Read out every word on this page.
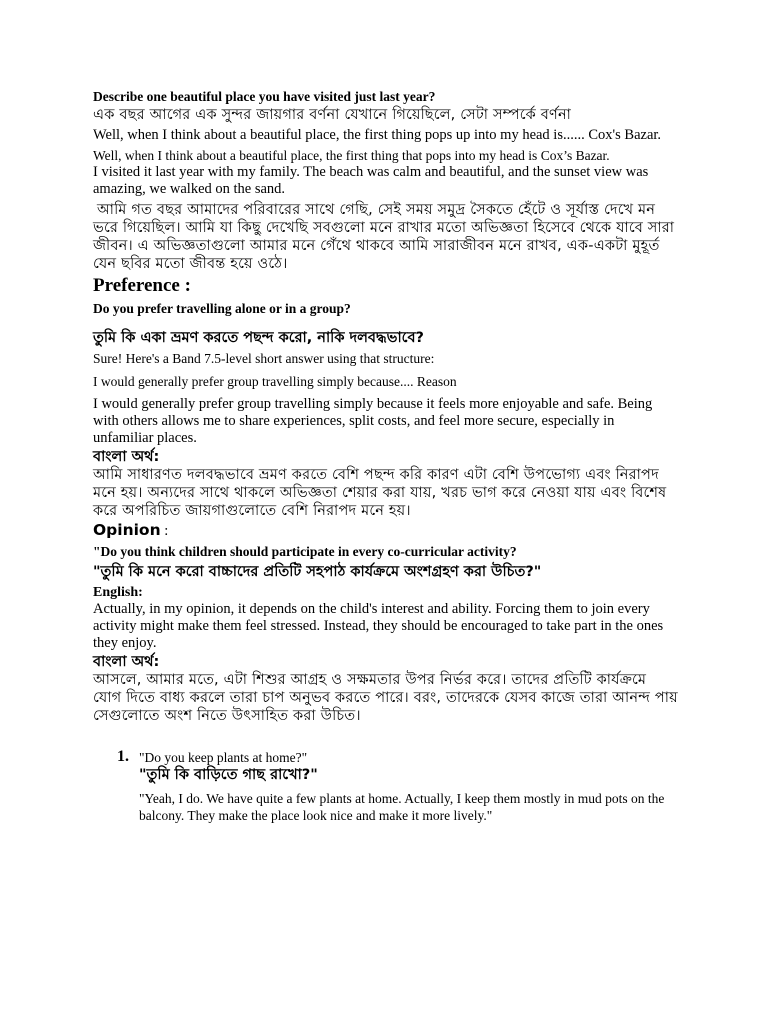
Describe one beautiful place you have visited just last year?

এক বছর আগের এক সুন্দর জায়গার বর্ণনা যেখানে গিয়েছিলে, সেটা সম্পর্কে বর্ণনা

Well, when I think about a beautiful place, the first thing pops up into my head is...... Cox's Bazar.

Well, when I think about a beautiful place, the first thing that pops into my head is Cox’s Bazar.

I visited it last year with my family. The beach was calm and beautiful, and the sunset view was amazing, we walked on the sand.

আমি গত বছর আমাদের পরিবারের সাথে গেছি, সেই সময় সমুদ্র সৈকতে হেঁটে ও সূর্যাস্ত দেখে মন ভরে গিয়েছিল। আমি যা কিছু দেখেছি সবগুলো মনে রাখার মতো অভিজ্ঞতা হিসেবে থেকে যাবে সারা জীবন। এ অভিজ্ঞতাগুলো আমার মনে গেঁথে থাকবে আমি সারাজীবন মনে রাখব, এক-একটা মুহূর্ত যেন ছবির মতো জীবন্ত হয়ে ওঠে।

Preference :

Do you prefer travelling alone or in a group?

তুমি কি একা ভ্রমণ করতে পছন্দ করো, নাকি দলবদ্ধভাবে?

Sure! Here's a Band 7.5-level short answer using that structure:

I would generally prefer group travelling simply because.... Reason

I would generally prefer group travelling simply because it feels more enjoyable and safe. Being with others allows me to share experiences, split costs, and feel more secure, especially in unfamiliar places.

বাংলা অর্থ:

আমি সাধারণত দলবদ্ধভাবে ভ্রমণ করতে বেশি পছন্দ করি কারণ এটা বেশি উপভোগ্য এবং নিরাপদ মনে হয়। অন্যদের সাথে থাকলে অভিজ্ঞতা শেয়ার করা যায়, খরচ ভাগ করে নেওয়া যায় এবং বিশেষ করে অপরিচিত জায়গাগুলোতে বেশি নিরাপদ মনে হয়।

Opinion :

"Do you think children should participate in every co-curricular activity?

"তুমি কি মনে করো বাচ্চাদের প্রতিটি সহপাঠ কার্যক্রমে অংশগ্রহণ করা উচিত?"

English:

Actually, in my opinion, it depends on the child's interest and ability. Forcing them to join every activity might make them feel stressed. Instead, they should be encouraged to take part in the ones they enjoy.

বাংলা অর্থ:

আসলে, আমার মতে, এটা শিশুর আগ্রহ ও সক্ষমতার উপর নির্ভর করে। তাদের প্রতিটি কার্যক্রমে যোগ দিতে বাধ্য করলে তারা চাপ অনুভব করতে পারে। বরং, তাদেরকে যেসব কাজে তারা আনন্দ পায় সেগুলোতে অংশ নিতে উৎসাহিত করা উচিত।

1. "Do you keep plants at home?"

"তুমি কি বাড়িতে গাছ রাখো?"

"Yeah, I do. We have quite a few plants at home. Actually, I keep them mostly in mud pots on the balcony. They make the place look nice and make it more lively."
